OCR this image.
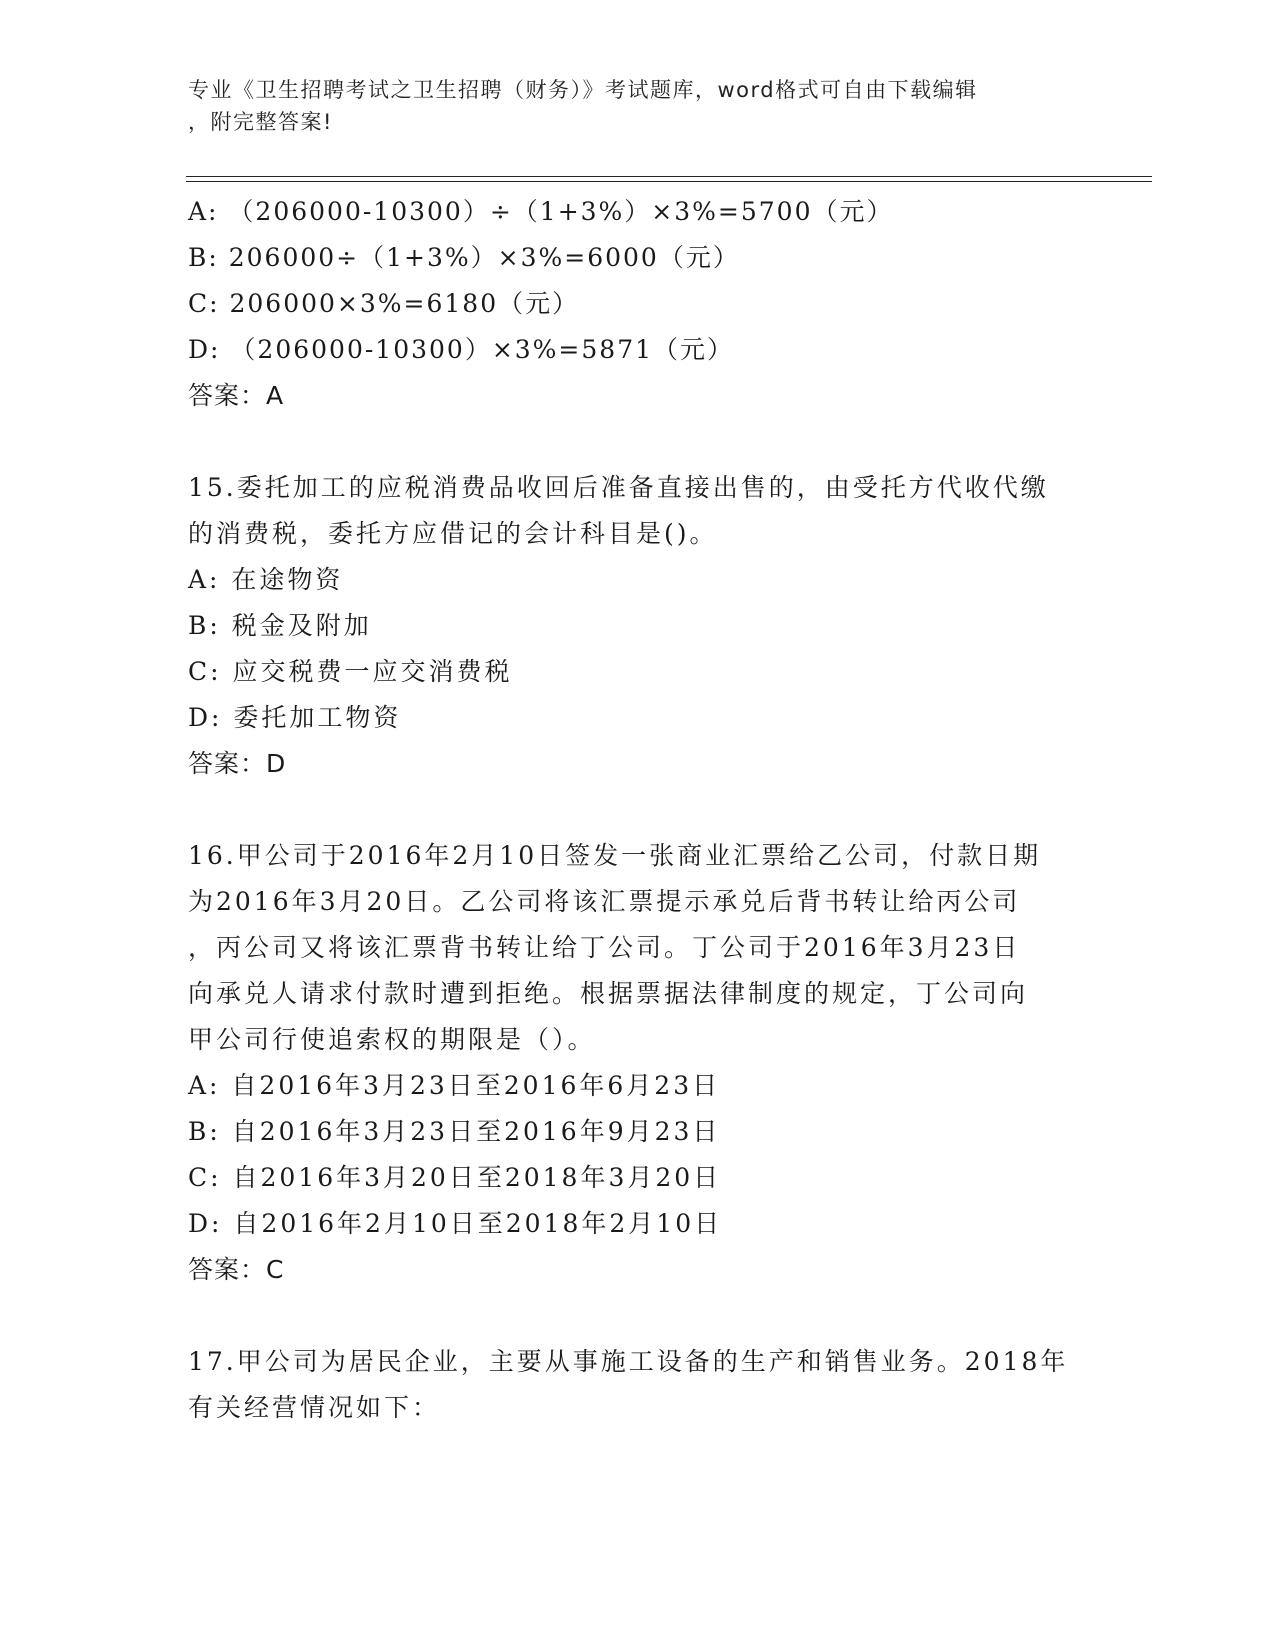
专业《卫生招聘考试之卫生招聘（财务）》考试题库，word格式可自由下载编辑
，附完整答案!
A: （206000-10300）÷（1+3%）×3%=5700（元）
B: 206000÷（1+3%）×3%=6000（元）
C: 206000×3%=6180（元）
D: （206000-10300）×3%=5871（元）
答案：A
15.委托加工的应税消费品收回后准备直接出售的，由受托方代收代缴
的消费税，委托方应借记的会计科目是()。
A: 在途物资
B: 税金及附加
C: 应交税费一应交消费税
D: 委托加工物资
答案：D
16.甲公司于2016年2月10日签发一张商业汇票给乙公司，付款日期
为2016年3月20日。乙公司将该汇票提示承兑后背书转让给丙公司
，丙公司又将该汇票背书转让给丁公司。丁公司于2016年3月23日
向承兑人请求付款时遭到拒绝。根据票据法律制度的规定，丁公司向
甲公司行使追索权的期限是（）。
A: 自2016年3月23日至2016年6月23日
B: 自2016年3月23日至2016年9月23日
C: 自2016年3月20日至2018年3月20日
D: 自2016年2月10日至2018年2月10日
答案：C
17.甲公司为居民企业，主要从事施工设备的生产和销售业务。2018年
有关经营情况如下：
